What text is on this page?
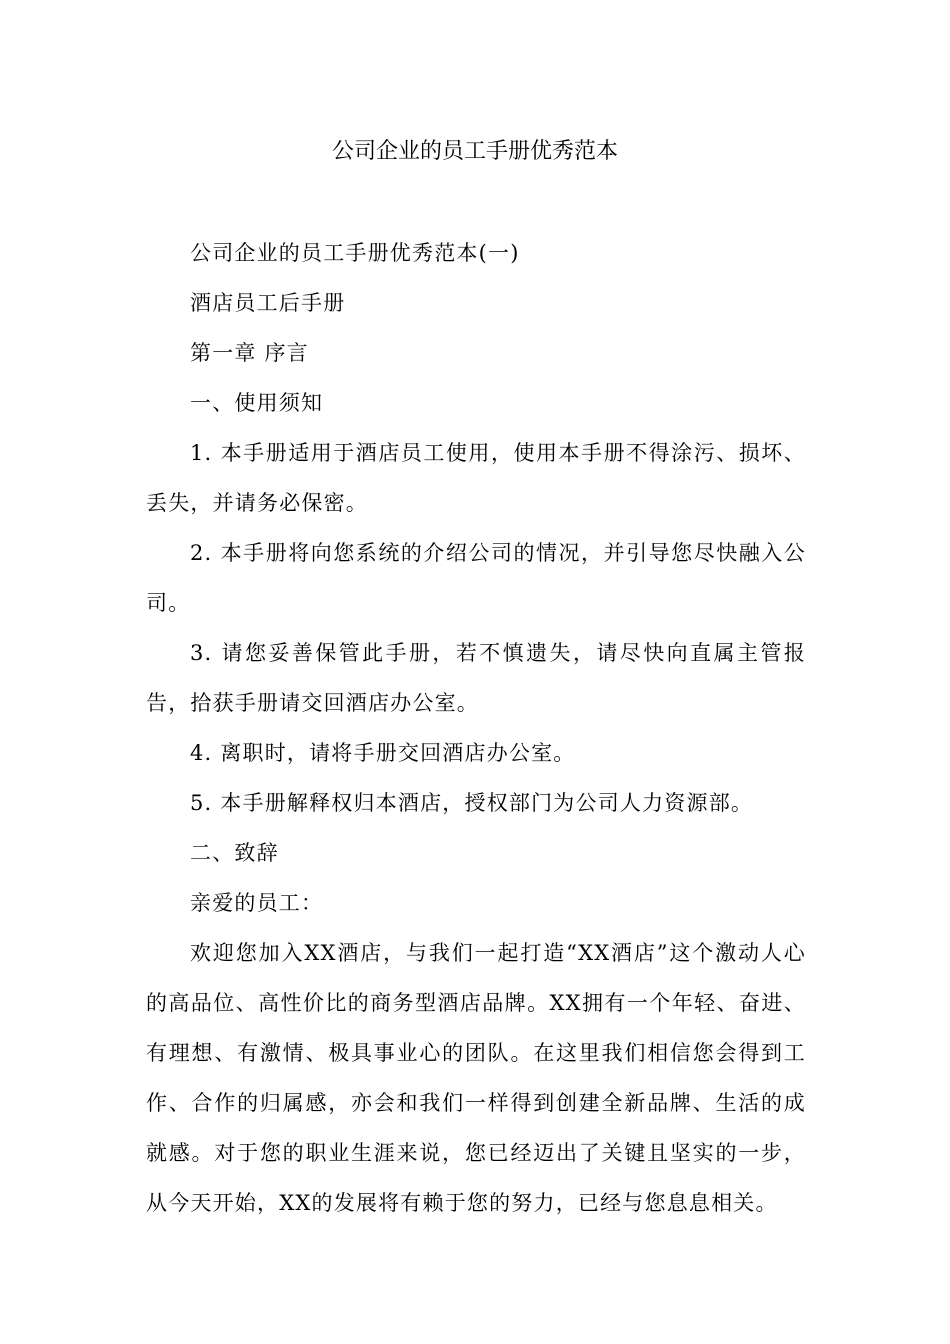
公司企业的员工手册优秀范本

公司企业的员工手册优秀范本(一)

酒店员工后手册

第一章 序言

一、使用须知

1. 本手册适用于酒店员工使用，使用本手册不得涂污、损坏、丢失，并请务必保密。

2. 本手册将向您系统的介绍公司的情况，并引导您尽快融入公司。

3. 请您妥善保管此手册，若不慎遗失，请尽快向直属主管报告，拾获手册请交回酒店办公室。

4. 离职时，请将手册交回酒店办公室。

5. 本手册解释权归本酒店，授权部门为公司人力资源部。

二、致辞

亲爱的员工：

欢迎您加入XX酒店，与我们一起打造“XX酒店”这个激动人心的高品位、高性价比的商务型酒店品牌。XX拥有一个年轻、奋进、有理想、有激情、极具事业心的团队。在这里我们相信您会得到工作、合作的归属感，亦会和我们一样得到创建全新品牌、生活的成就感。对于您的职业生涯来说，您已经迈出了关键且坚实的一步，从今天开始，XX的发展将有赖于您的努力，已经与您息息相关。
